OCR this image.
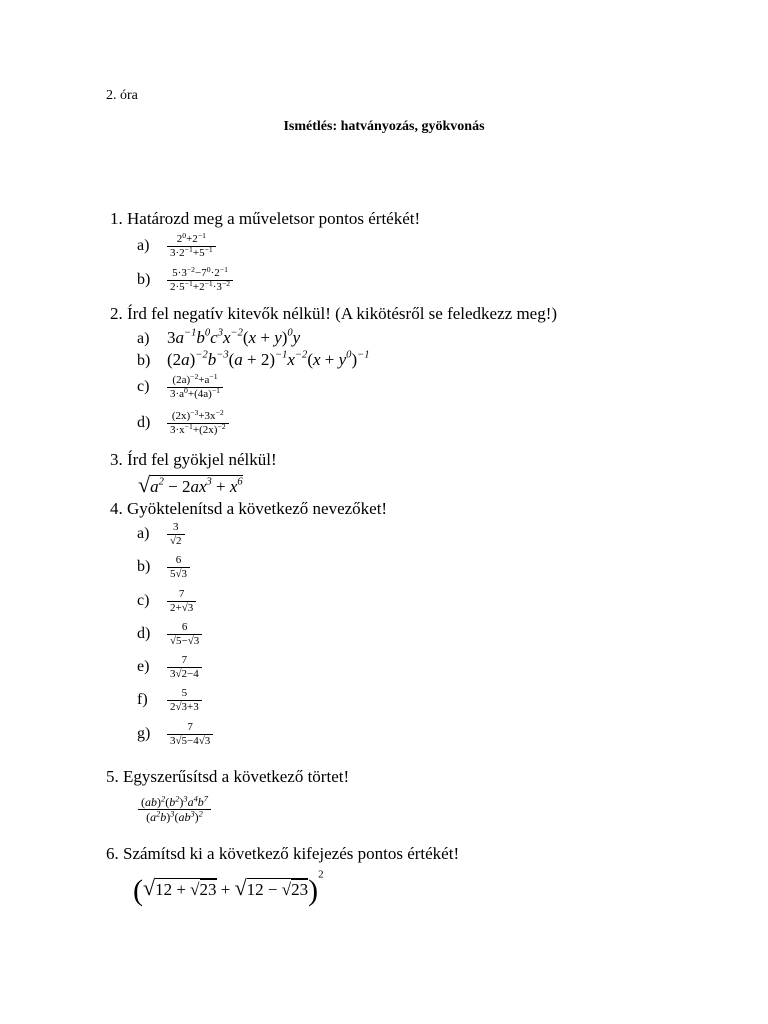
2. óra
Ismétlés: hatványozás, gyökvonás
1. Határozd meg a műveletsor pontos értékét!
$a) \frac{2^0+2^{-1}}{3\cdot 2^{-1}+5^{-1}}$
$b) \frac{5\cdot 3^{-2}-7^0\cdot 2^{-1}}{2\cdot 5^{-1}+2^{-1}\cdot 3^{-2}}$
2. Írd fel negatív kitevők nélkül! (A kikötésről se feledkezz meg!)
a) $3a^{-1}b^0c^3x^{-2}(x + y)^0y$
b) $(2a)^{-2}b^{-3}(a + 2)^{-1}x^{-2}(x + y^0)^{-1}$
$c) \frac{(2a)^{-2}+a^{-1}}{3\cdot a^0+(4a)^{-1}}$
$d) \frac{(2x)^{-3}+3x^{-2}}{3\cdot x^{-1}+(2x)^{-2}}$
3. Írd fel gyökjel nélkül!
$√a^2 - 2ax^3 + x^6$
4. Gyöktelenítsd a következő nevezőket!
$a) \frac{3}{√2}$
$b) \frac{6}{5√3}$
$c) \frac{7}{2+√3}$
$d) \frac{6}{√5-√3}$
$e) \frac{7}{3√2-4}$
$f) \frac{5}{2√3+3}$
$g) \frac{7}{3√5-4√3}$
5. Egyszerűsítsd a következő törtet!
$\frac{(ab)^2(b^2)^3a^4b^7}{(a^2b)^3(ab^3)^2}$
6. Számítsd ki a következő kifejezés pontos értékét!
$(√12 + √23 + √12 - √23)^2$
